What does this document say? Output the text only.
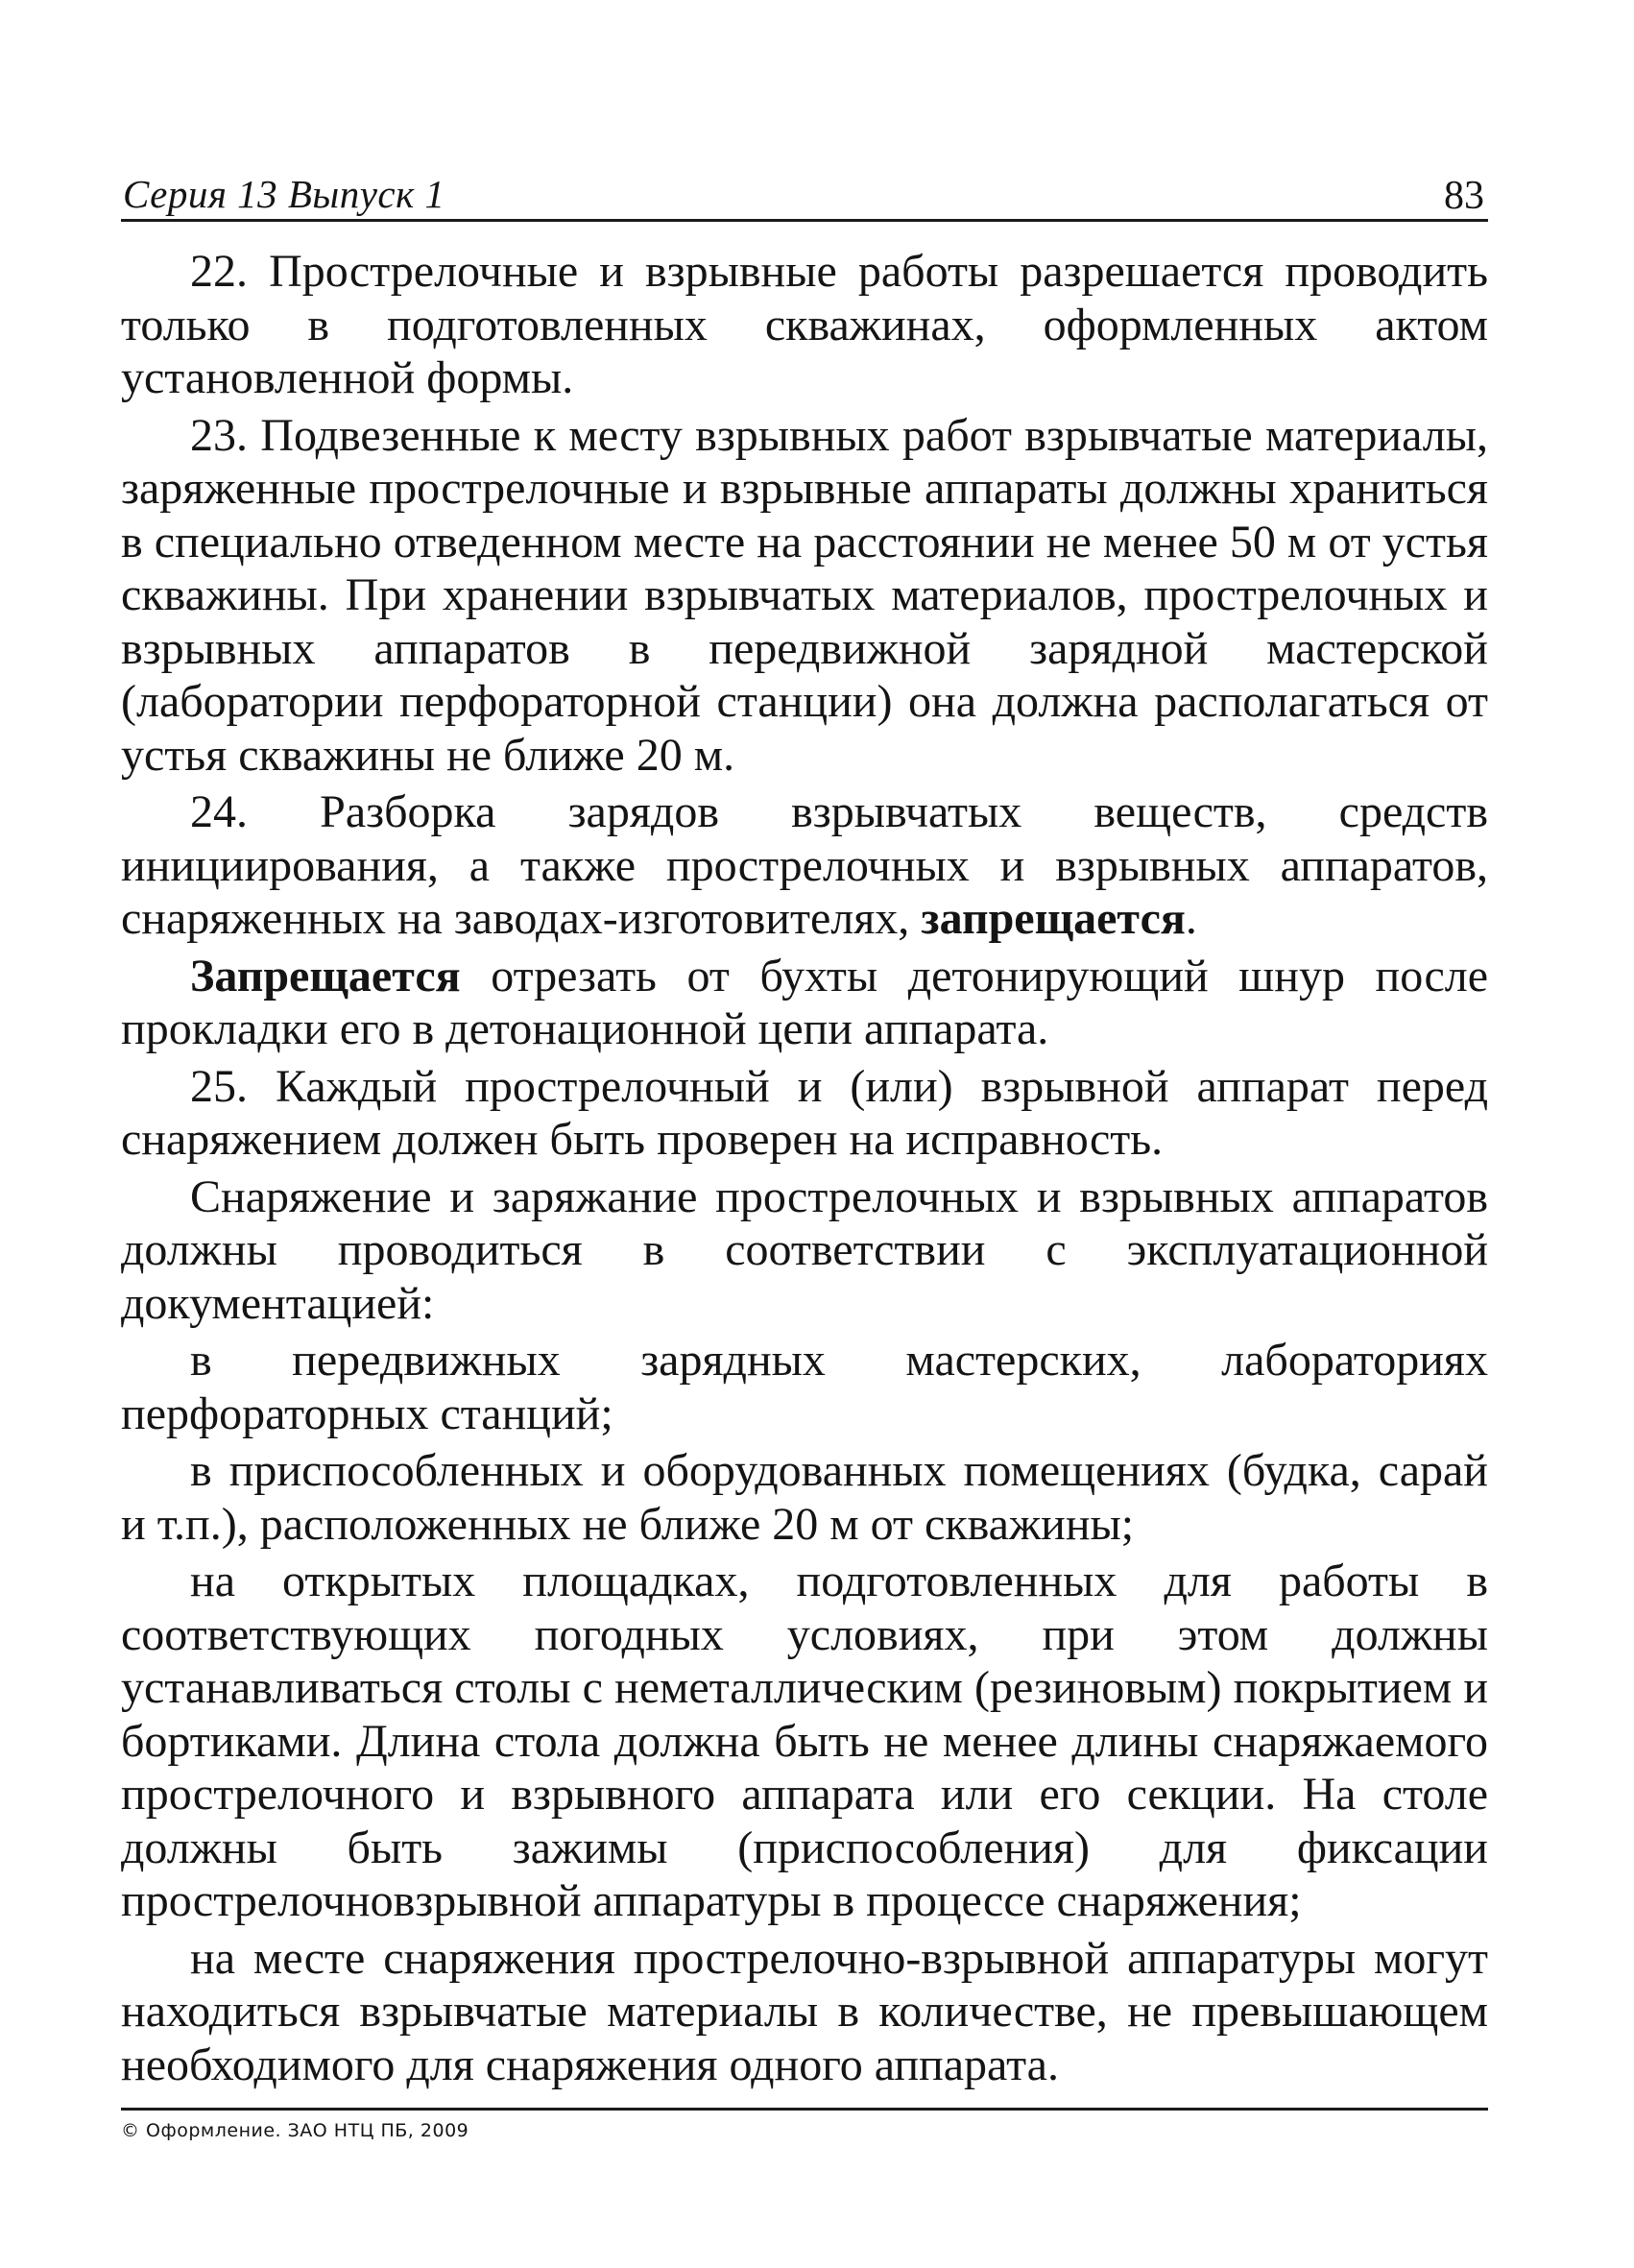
Серия 13 Выпуск 1	83

22. Прострелочные и взрывные работы разрешается проводить только в подготовленных скважинах, оформленных актом установленной формы.

23. Подвезенные к месту взрывных работ взрывчатые материалы, заряженные прострелочные и взрывные аппараты должны храниться в специально отведенном месте на расстоянии не менее 50 м от устья скважины. При хранении взрывчатых материалов, прострелочных и взрывных аппаратов в передвижной зарядной мастерской (лаборатории перфораторной станции) она должна располагаться от устья скважины не ближе 20 м.

24. Разборка зарядов взрывчатых веществ, средств инициирования, а также прострелочных и взрывных аппаратов, снаряженных на заводах-изготовителях, запрещается.

Запрещается отрезать от бухты детонирующий шнур после прокладки его в детонационной цепи аппарата.

25. Каждый прострелочный и (или) взрывной аппарат перед снаряжением должен быть проверен на исправность.

Снаряжение и заряжание прострелочных и взрывных аппаратов должны проводиться в соответствии с эксплуатационной документацией:

в передвижных зарядных мастерских, лабораториях перфораторных станций;

в приспособленных и оборудованных помещениях (будка, сарай и т.п.), расположенных не ближе 20 м от скважины;

на открытых площадках, подготовленных для работы в соответствующих погодных условиях, при этом должны устанавливаться столы с неметаллическим (резиновым) покрытием и бортиками. Длина стола должна быть не менее длины снаряжаемого прострелочного и взрывного аппарата или его секции. На столе должны быть зажимы (приспособления) для фиксации прострелочновзрывной аппаратуры в процессе снаряжения;

на месте снаряжения прострелочно-взрывной аппаратуры могут находиться взрывчатые материалы в количестве, не превышающем необходимого для снаряжения одного аппарата.

© Оформление. ЗАО НТЦ ПБ, 2009
